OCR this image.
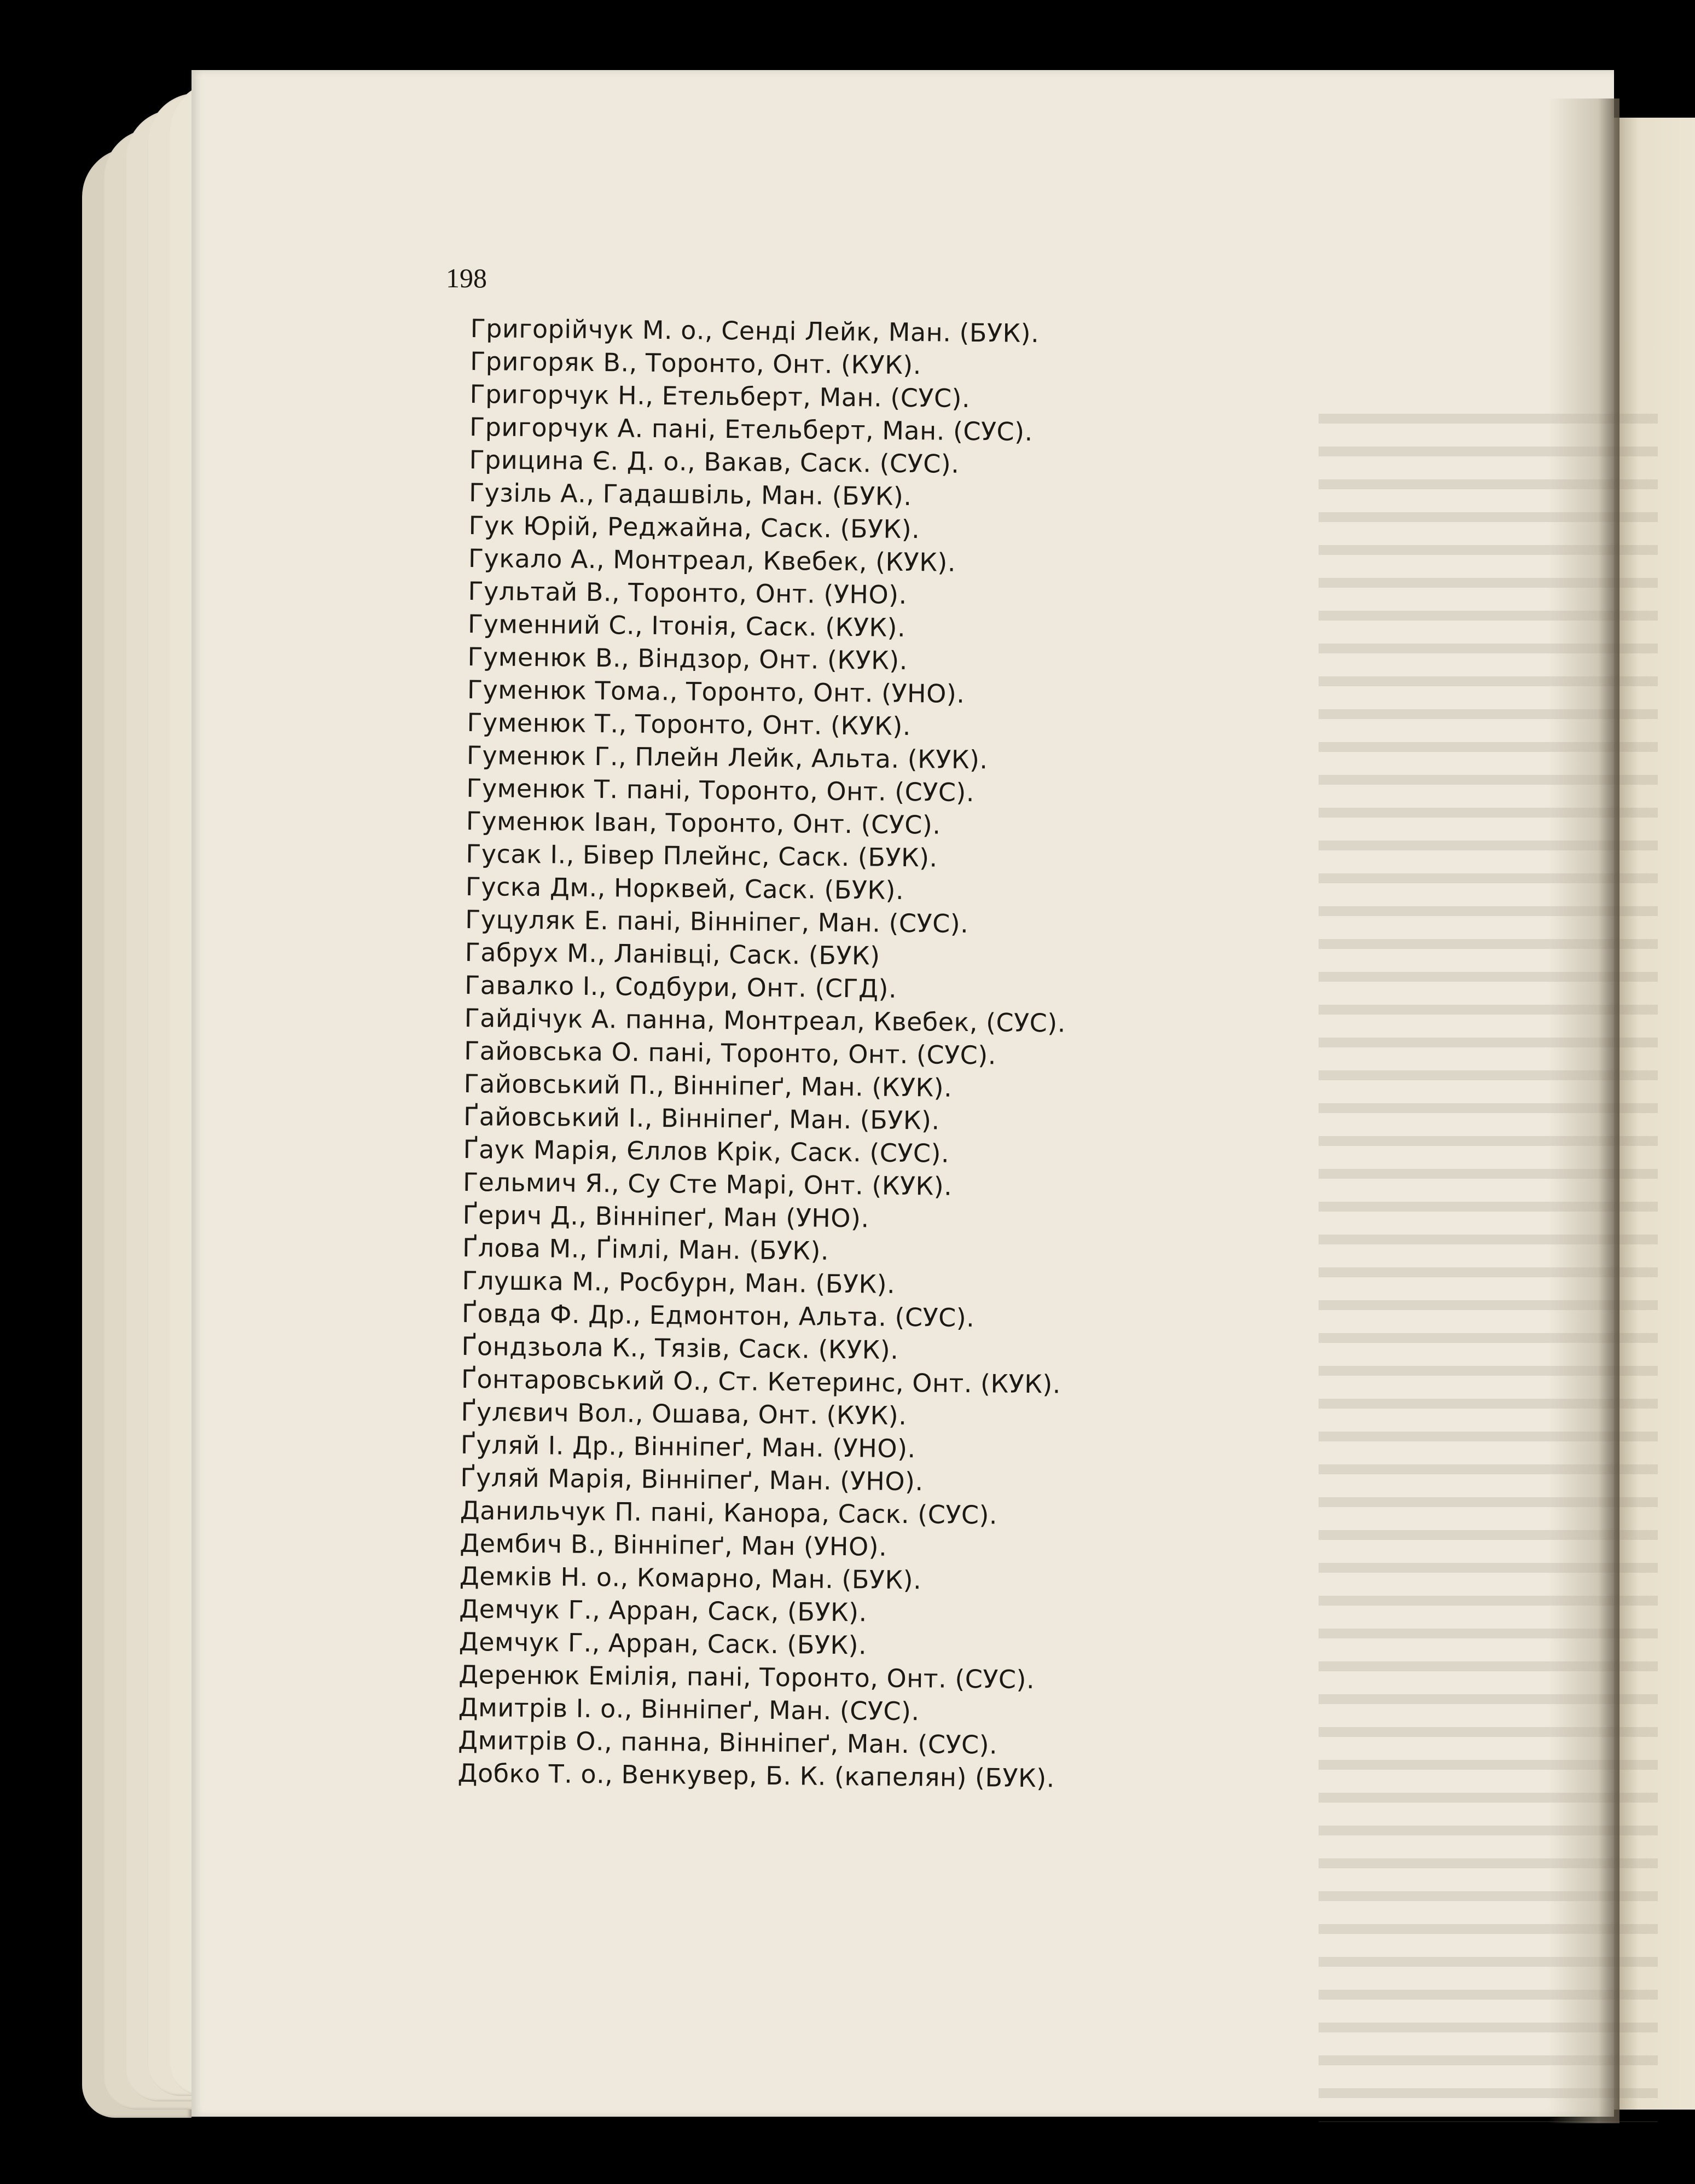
198
Григорійчук М. о., Сенді Лейк, Ман. (БУК).
Григоряк В., Торонто, Онт. (КУК).
Григорчук Н., Етельберт, Ман. (СУС).
Григорчук А. пані, Етельберт, Ман. (СУС).
Грицина Є. Д. о., Вакав, Саск. (СУС).
Гузіль А., Гадашвіль, Ман. (БУК).
Гук Юрій, Реджайна, Саск. (БУК).
Гукало А., Монтреал, Квебек, (КУК).
Гультай В., Торонто, Онт. (УНО).
Гуменний С., Ітонія, Саск. (КУК).
Гуменюк В., Віндзор, Онт. (КУК).
Гуменюк Тома., Торонто, Онт. (УНО).
Гуменюк Т., Торонто, Онт. (КУК).
Гуменюк Г., Плейн Лейк, Альта. (КУК).
Гуменюк Т. пані, Торонто, Онт. (СУС).
Гуменюк Іван, Торонто, Онт. (СУС).
Гусак І., Бівер Плейнс, Саск. (БУК).
Гуска Дм., Норквей, Саск. (БУК).
Гуцуляк Е. пані, Вінніпег, Ман. (СУС).
Габрух М., Ланівці, Саск. (БУК)
Гавалко І., Содбури, Онт. (СГД).
Гайдічук А. панна, Монтреал, Квебек, (СУС).
Гайовська О. пані, Торонто, Онт. (СУС).
Гайовський П., Вінніпеґ, Ман. (КУК).
Ґайовський І., Вінніпеґ, Ман. (БУК).
Ґаук Марія, Єллов Крік, Саск. (СУС).
Гельмич Я., Су Сте Марі, Онт. (КУК).
Ґерич Д., Вінніпеґ, Ман (УНО).
Ґлова М., Ґімлі, Ман. (БУК).
Глушка М., Росбурн, Ман. (БУК).
Ґовда Ф. Др., Едмонтон, Альта. (СУС).
Ґондзьола К., Тязів, Саск. (КУК).
Ґонтаровський О., Ст. Кетеринс, Онт. (КУК).
Ґулєвич Вол., Ошава, Онт. (КУК).
Ґуляй І. Др., Вінніпеґ, Ман. (УНО).
Ґуляй Марія, Вінніпеґ, Ман. (УНО).
Данильчук П. пані, Канора, Саск. (СУС).
Дембич В., Вінніпеґ, Ман (УНО).
Демків Н. о., Комарно, Ман. (БУК).
Демчук Г., Арран, Саск, (БУК).
Демчук Г., Арран, Саск. (БУК).
Деренюк Емілія, пані, Торонто, Онт. (СУС).
Дмитрів І. о., Вінніпеґ, Ман. (СУС).
Дмитрів О., панна, Вінніпеґ, Ман. (СУС).
Добко Т. о., Венкувер, Б. К. (капелян) (БУК).
